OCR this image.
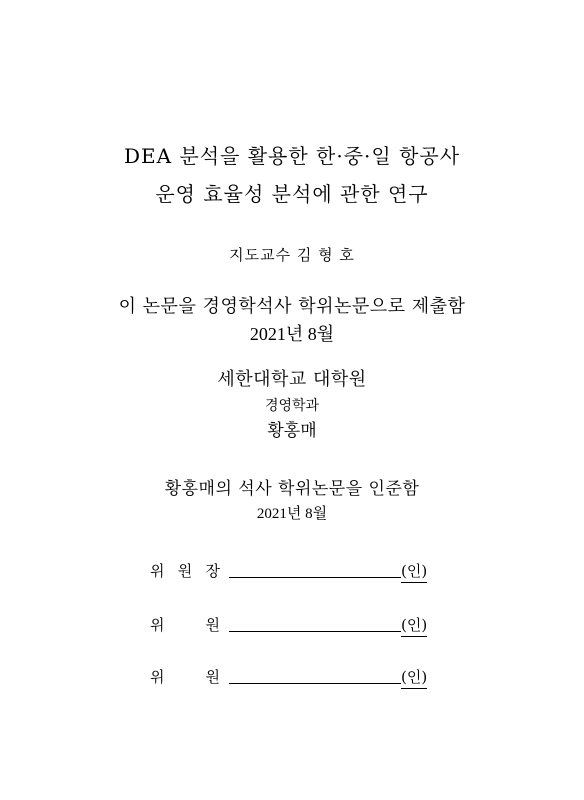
DEA 분석을 활용한 한·중·일 항공사
운영 효율성 분석에 관한 연구
지도교수 김 형 호
이 논문을 경영학석사 학위논문으로 제출함
2021년 8월
세한대학교 대학원
경영학과
황홍매
황홍매의 석사 학위논문을 인준함
2021년 8월
위 원 장	(인)
위	원	(인)
위	원	(인)
